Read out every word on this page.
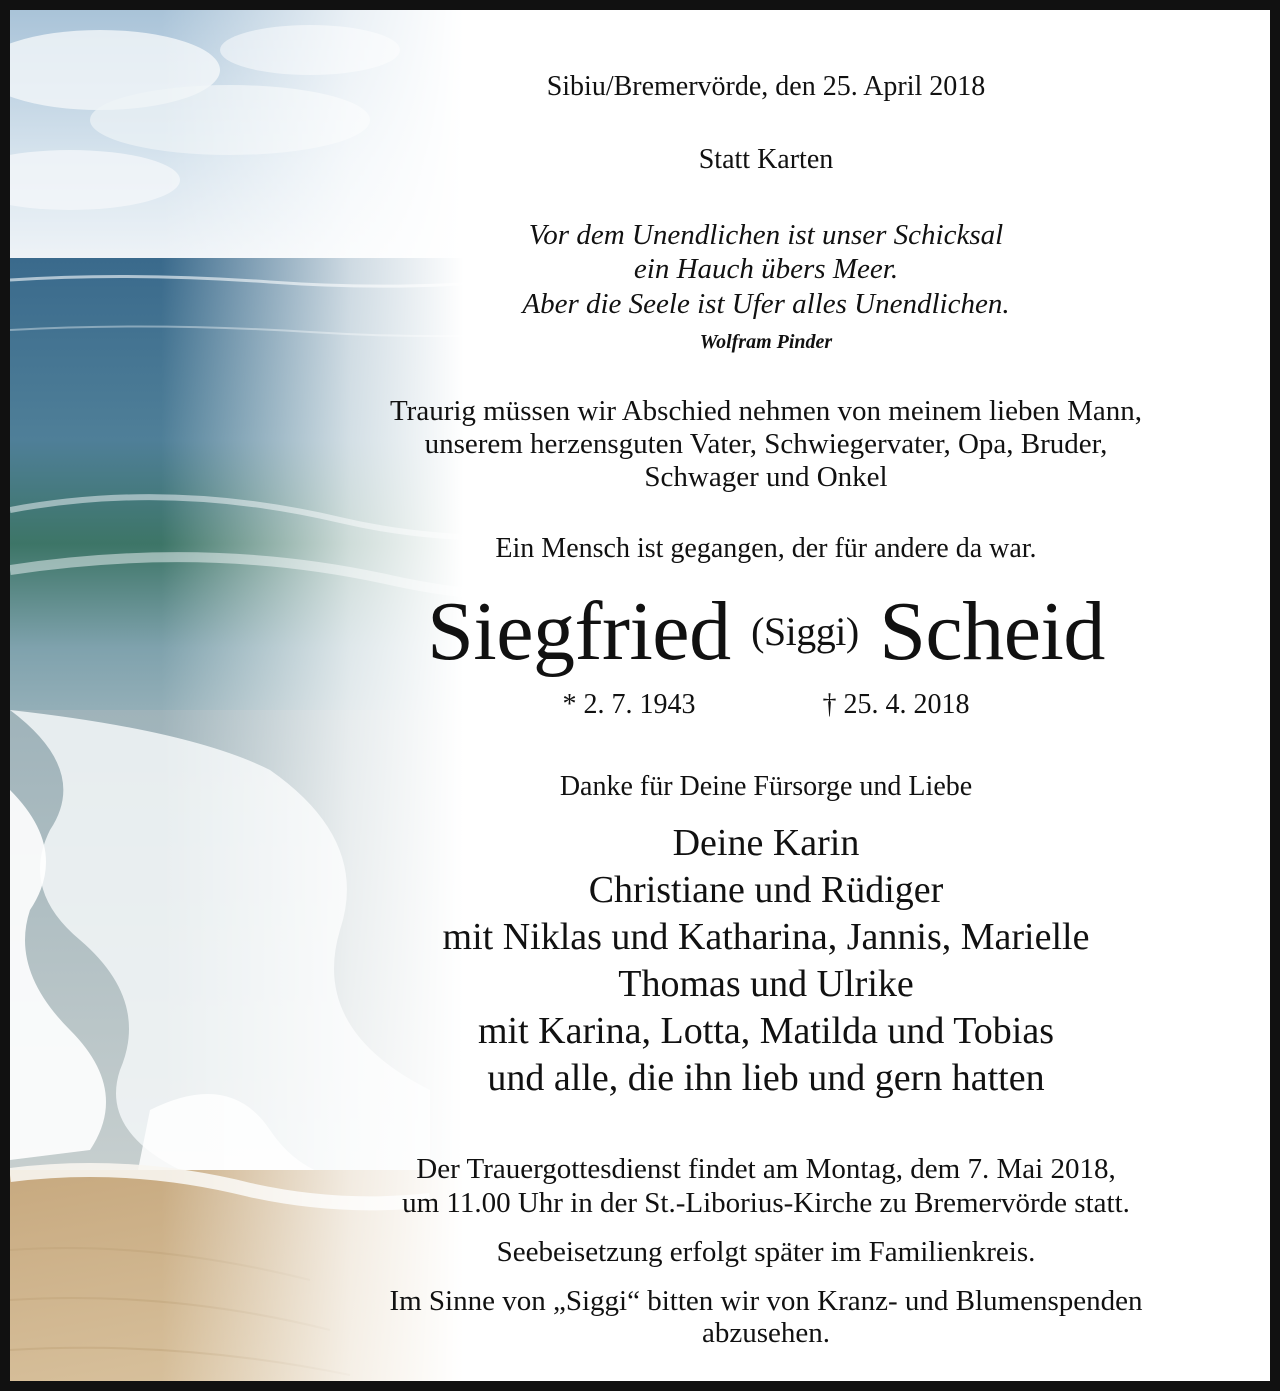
Sibiu/Bremervörde, den 25. April 2018
Statt Karten
Vor dem Unendlichen ist unser Schicksal
ein Hauch übers Meer.
Aber die Seele ist Ufer alles Unendlichen.
Wolfram Pinder
Traurig müssen wir Abschied nehmen von meinem lieben Mann,
unserem herzensguten Vater, Schwiegervater, Opa, Bruder,
Schwager und Onkel
Ein Mensch ist gegangen, der für andere da war.
Siegfried (Siggi) Scheid
* 2. 7. 1943	† 25. 4. 2018
Danke für Deine Fürsorge und Liebe
Deine Karin
Christiane und Rüdiger
mit Niklas und Katharina, Jannis, Marielle
Thomas und Ulrike
mit Karina, Lotta, Matilda und Tobias
und alle, die ihn lieb und gern hatten
Der Trauergottesdienst findet am Montag, dem 7. Mai 2018,
um 11.00 Uhr in der St.-Liborius-Kirche zu Bremervörde statt.
Seebeisetzung erfolgt später im Familienkreis.
Im Sinne von „Siggi“ bitten wir von Kranz- und Blumenspenden
abzusehen.
